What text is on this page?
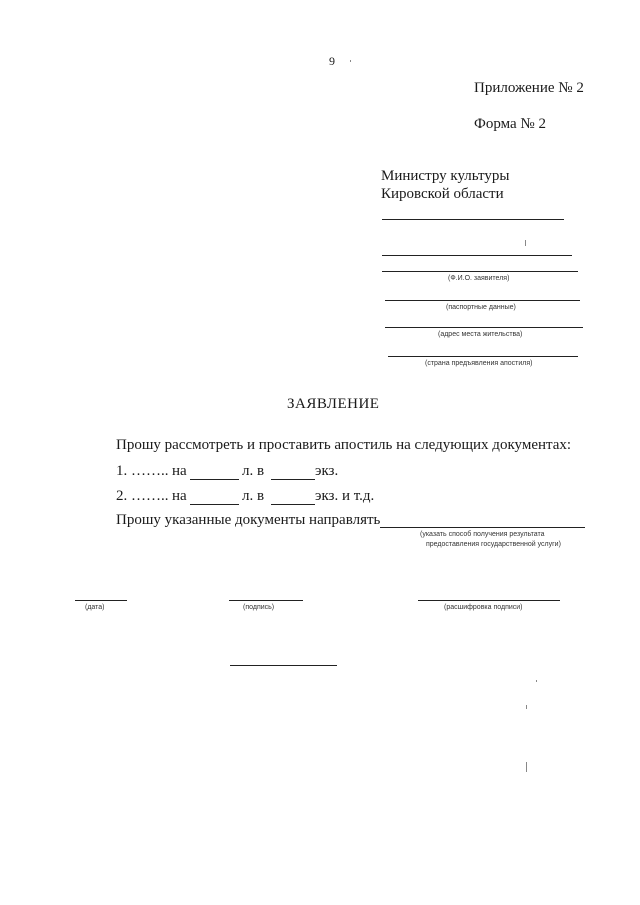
9
Приложение № 2
Форма № 2
Министру культуры
Кировской области
(Ф.И.О. заявителя)
(паспортные данные)
(адрес места жительства)
(страна предъявления апостиля)
ЗАЯВЛЕНИЕ
Прошу рассмотреть и проставить апостиль на следующих документах:
1. …….. на	л. в	экз.
2. …….. на	л. в	экз. и т.д.
Прошу указанные документы направлять
(указать способ получения результата
предоставления государственной услуги)
(дата)	(подпись)	(расшифровка подписи)
